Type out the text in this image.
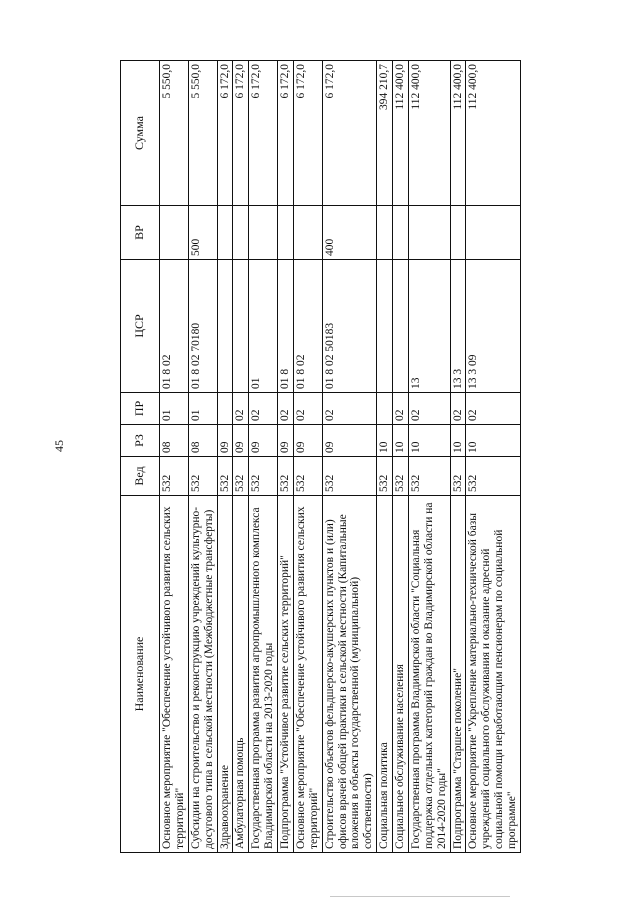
45
Наименование	Вед	РЗ	ПР	ЦСР	ВР	Сумма
Основное мероприятие "Обеспечение устойчивого развития сельских территорий"	532	08	01	01 8 02		5 550,0
Субсидии на строительство и реконструкцию учреждений культурно-досугового типа в сельской местности (Межбюджетные трансферты)	532	08	01	01 8 02 70180	500	5 550,0
Здравоохранение	532	09				6 172,0
Амбулаторная помощь	532	09	02			6 172,0
Государственная программа развития агропромышленного комплекса Владимирской области на 2013-2020 годы	532	09	02	01		6 172,0
Подпрограмма "Устойчивое развитие сельских территорий"	532	09	02	01 8		6 172,0
Основное мероприятие "Обеспечение устойчивого развития сельских территорий"	532	09	02	01 8 02		6 172,0
Строительство объектов фельдшерско-акушерских пунктов и (или) офисов врачей общей практики в сельской местности (Капитальные вложения в объекты государственной (муниципальной) собственности)	532	09	02	01 8 02 50183	400	6 172,0
Социальная политика	532	10				394 210,7
Социальное обслуживание населения	532	10	02			112 400,0
Государственная программа Владимирской области "Социальная поддержка отдельных категорий граждан во Владимирской области на 2014-2020 годы"	532	10	02	13		112 400,0
Подпрограмма "Старшее поколение"	532	10	02	13 3		112 400,0
Основное мероприятие "Укрепление материально-технической базы учреждений социального обслуживания и оказание адресной социальной помощи неработающим пенсионерам по социальной программе"	532	10	02	13 3 09		112 400,0
